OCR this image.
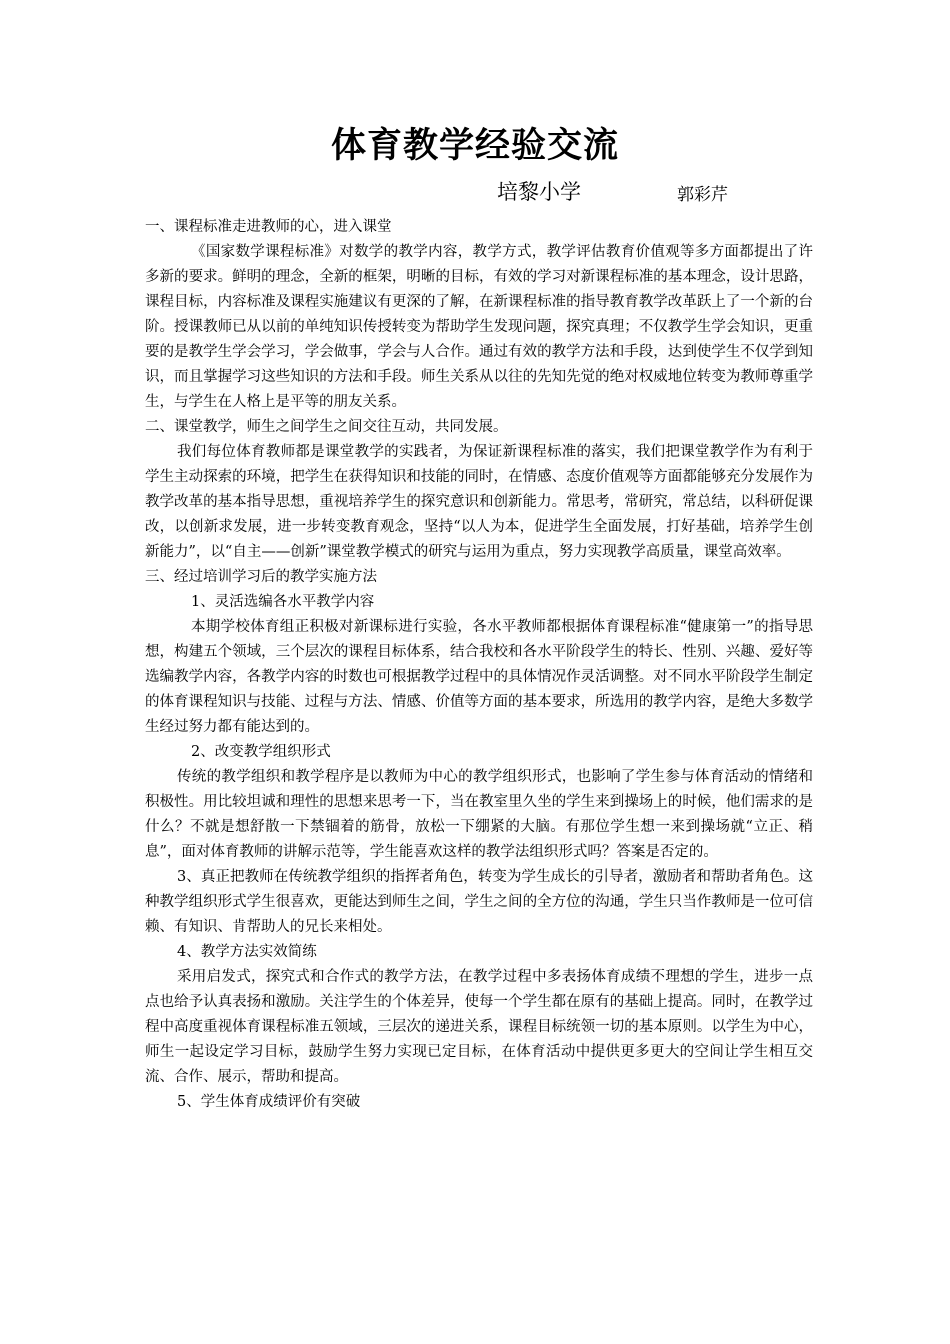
体育教学经验交流
培黎小学	郭彩芹

一、课程标准走进教师的心，进入课堂

《国家数学课程标准》对数学的教学内容，教学方式，教学评估教育价值观等多方面都提出了许多新的要求。鲜明的理念，全新的框架，明晰的目标，有效的学习对新课程标准的基本理念，设计思路，课程目标，内容标准及课程实施建议有更深的了解，在新课程标准的指导教育教学改革跃上了一个新的台阶。授课教师已从以前的单纯知识传授转变为帮助学生发现问题，探究真理；不仅教学生学会知识，更重要的是教学生学会学习，学会做事，学会与人合作。通过有效的教学方法和手段，达到使学生不仅学到知识，而且掌握学习这些知识的方法和手段。师生关系从以往的先知先觉的绝对权威地位转变为教师尊重学生，与学生在人格上是平等的朋友关系。

二、课堂教学，师生之间学生之间交往互动，共同发展。

我们每位体育教师都是课堂教学的实践者，为保证新课程标准的落实，我们把课堂教学作为有利于学生主动探索的环境，把学生在获得知识和技能的同时，在情感、态度价值观等方面都能够充分发展作为教学改革的基本指导思想，重视培养学生的探究意识和创新能力。常思考，常研究，常总结，以科研促课改，以创新求发展，进一步转变教育观念，坚持“以人为本，促进学生全面发展，打好基础，培养学生创新能力”，以“自主——创新”课堂教学模式的研究与运用为重点，努力实现教学高质量，课堂高效率。

三、经过培训学习后的教学实施方法

1、灵活选编各水平教学内容

本期学校体育组正积极对新课标进行实验，各水平教师都根据体育课程标准“健康第一”的指导思想，构建五个领域，三个层次的课程目标体系，结合我校和各水平阶段学生的特长、性别、兴趣、爱好等选编教学内容，各教学内容的时数也可根据教学过程中的具体情况作灵活调整。对不同水平阶段学生制定的体育课程知识与技能、过程与方法、情感、价值等方面的基本要求，所选用的教学内容，是绝大多数学生经过努力都有能达到的。

2、改变教学组织形式

传统的教学组织和教学程序是以教师为中心的教学组织形式，也影响了学生参与体育活动的情绪和积极性。用比较坦诚和理性的思想来思考一下，当在教室里久坐的学生来到操场上的时候，他们需求的是什么？不就是想舒散一下禁锢着的筋骨，放松一下绷紧的大脑。有那位学生想一来到操场就“立正、稍息”，面对体育教师的讲解示范等，学生能喜欢这样的教学法组织形式吗？答案是否定的。

3、真正把教师在传统教学组织的指挥者角色，转变为学生成长的引导者，激励者和帮助者角色。这种教学组织形式学生很喜欢，更能达到师生之间，学生之间的全方位的沟通，学生只当作教师是一位可信赖、有知识、肯帮助人的兄长来相处。

4、教学方法实效简练

采用启发式，探究式和合作式的教学方法，在教学过程中多表扬体育成绩不理想的学生，进步一点点也给予认真表扬和激励。关注学生的个体差异，使每一个学生都在原有的基础上提高。同时，在教学过程中高度重视体育课程标准五领域，三层次的递进关系，课程目标统领一切的基本原则。以学生为中心，师生一起设定学习目标，鼓励学生努力实现已定目标，在体育活动中提供更多更大的空间让学生相互交流、合作、展示，帮助和提高。

5、学生体育成绩评价有突破
